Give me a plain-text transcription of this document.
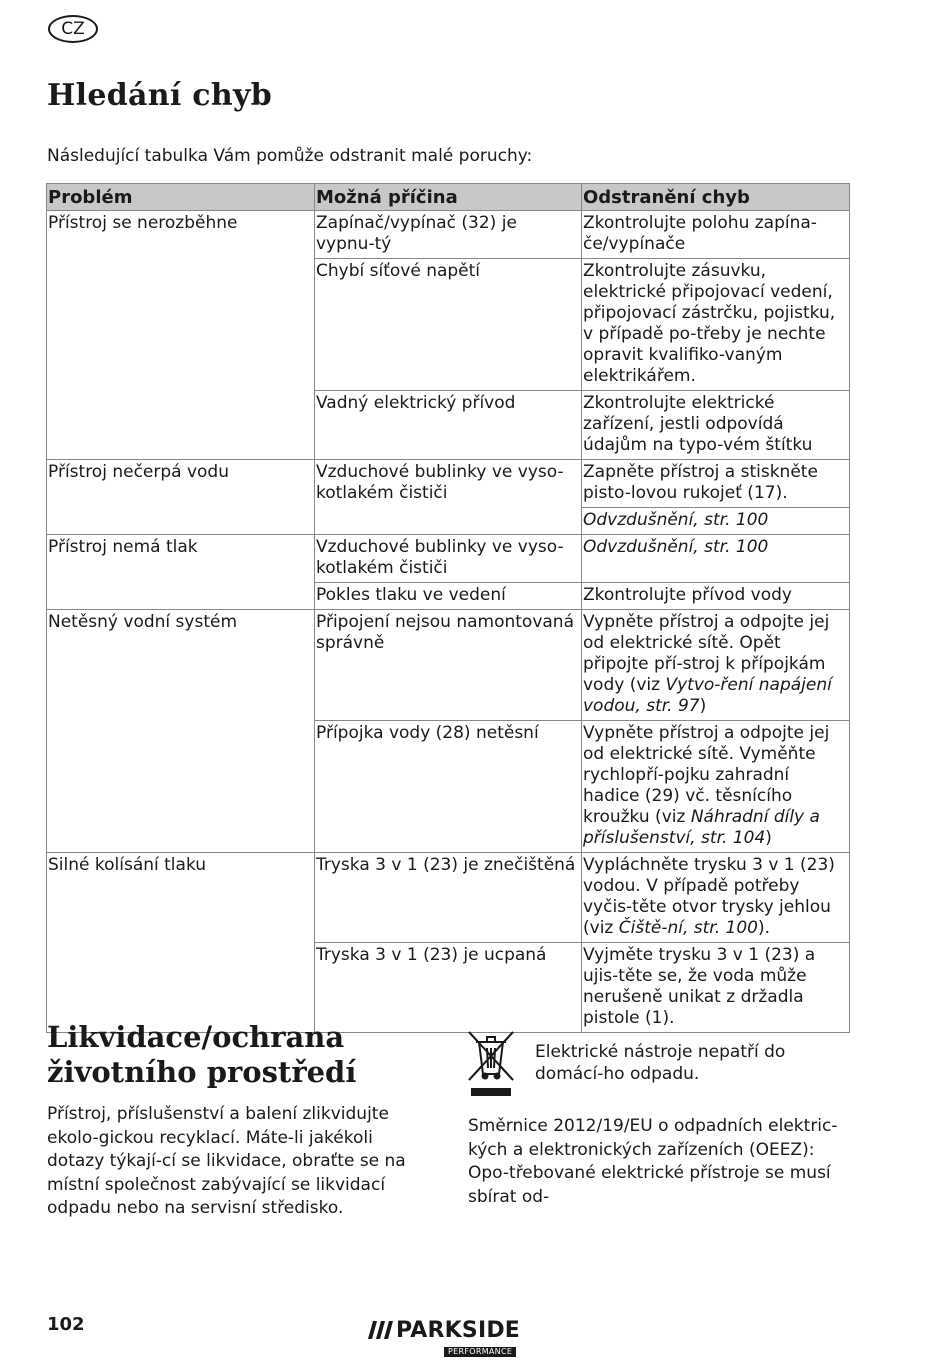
CZ
Hledání chyb

Následující tabulka Vám pomůže odstranit malé poruchy:

Problém	Možná příčina	Odstranění chyb
Přístroj se nerozběhne	Zapínač/vypínač (32) je vypnu-tý	Zkontrolujte polohu zapína-če/vypínače
	Chybí síťové napětí	Zkontrolujte zásuvku, elektrické připojovací vedení, připojovací zástrčku, pojistku, v případě po-třeby je nechte opravit kvalifiko-vaným elektrikářem.
	Vadný elektrický přívod	Zkontrolujte elektrické zařízení, jestli odpovídá údajům na typo-vém štítku
Přístroj nečerpá vodu	Vzduchové bublinky ve vyso-kotlakém čističi	Zapněte přístroj a stiskněte pisto-lovou rukojeť (17).
		Odvzdušnění, str. 100
Přístroj nemá tlak	Vzduchové bublinky ve vyso-kotlakém čističi	Odvzdušnění, str. 100
	Pokles tlaku ve vedení	Zkontrolujte přívod vody
Netěsný vodní systém	Připojení nejsou namontovaná správně	Vypněte přístroj a odpojte jej od elektrické sítě. Opět připojte pří-stroj k přípojkám vody (viz Vytvo-ření napájení vodou, str. 97)
	Přípojka vody (28) netěsní	Vypněte přístroj a odpojte jej od elektrické sítě. Vyměňte rychlopří-pojku zahradní hadice (29) vč. těsnícího kroužku (viz Náhradní díly a příslušenství, str. 104)
Silné kolísání tlaku	Tryska 3 v 1 (23) je znečištěná	Vypláchněte trysku 3 v 1 (23) vodou. V případě potřeby vyčis-těte otvor trysky jehlou (viz Čiště-ní, str. 100).
	Tryska 3 v 1 (23) je ucpaná	Vyjměte trysku 3 v 1 (23) a ujis-těte se, že voda může nerušeně unikat z držadla pistole (1).
Likvidace/ochrana
životního prostředí

Přístroj, příslušenství a balení zlikvidujte ekolo-gickou recyklací. Máte-li jakékoli dotazy týkají-cí se likvidace, obraťte se na místní společnost zabývající se likvidací odpadu nebo na servisní středisko.

Elektrické nástroje nepatří do domácí-ho odpadu.

Směrnice 2012/19/EU o odpadních elektric-kých a elektronických zařízeních (OEEZ): Opo-třebované elektrické přístroje se musí sbírat od-

102	PARKSIDE
PERFORMANCE
